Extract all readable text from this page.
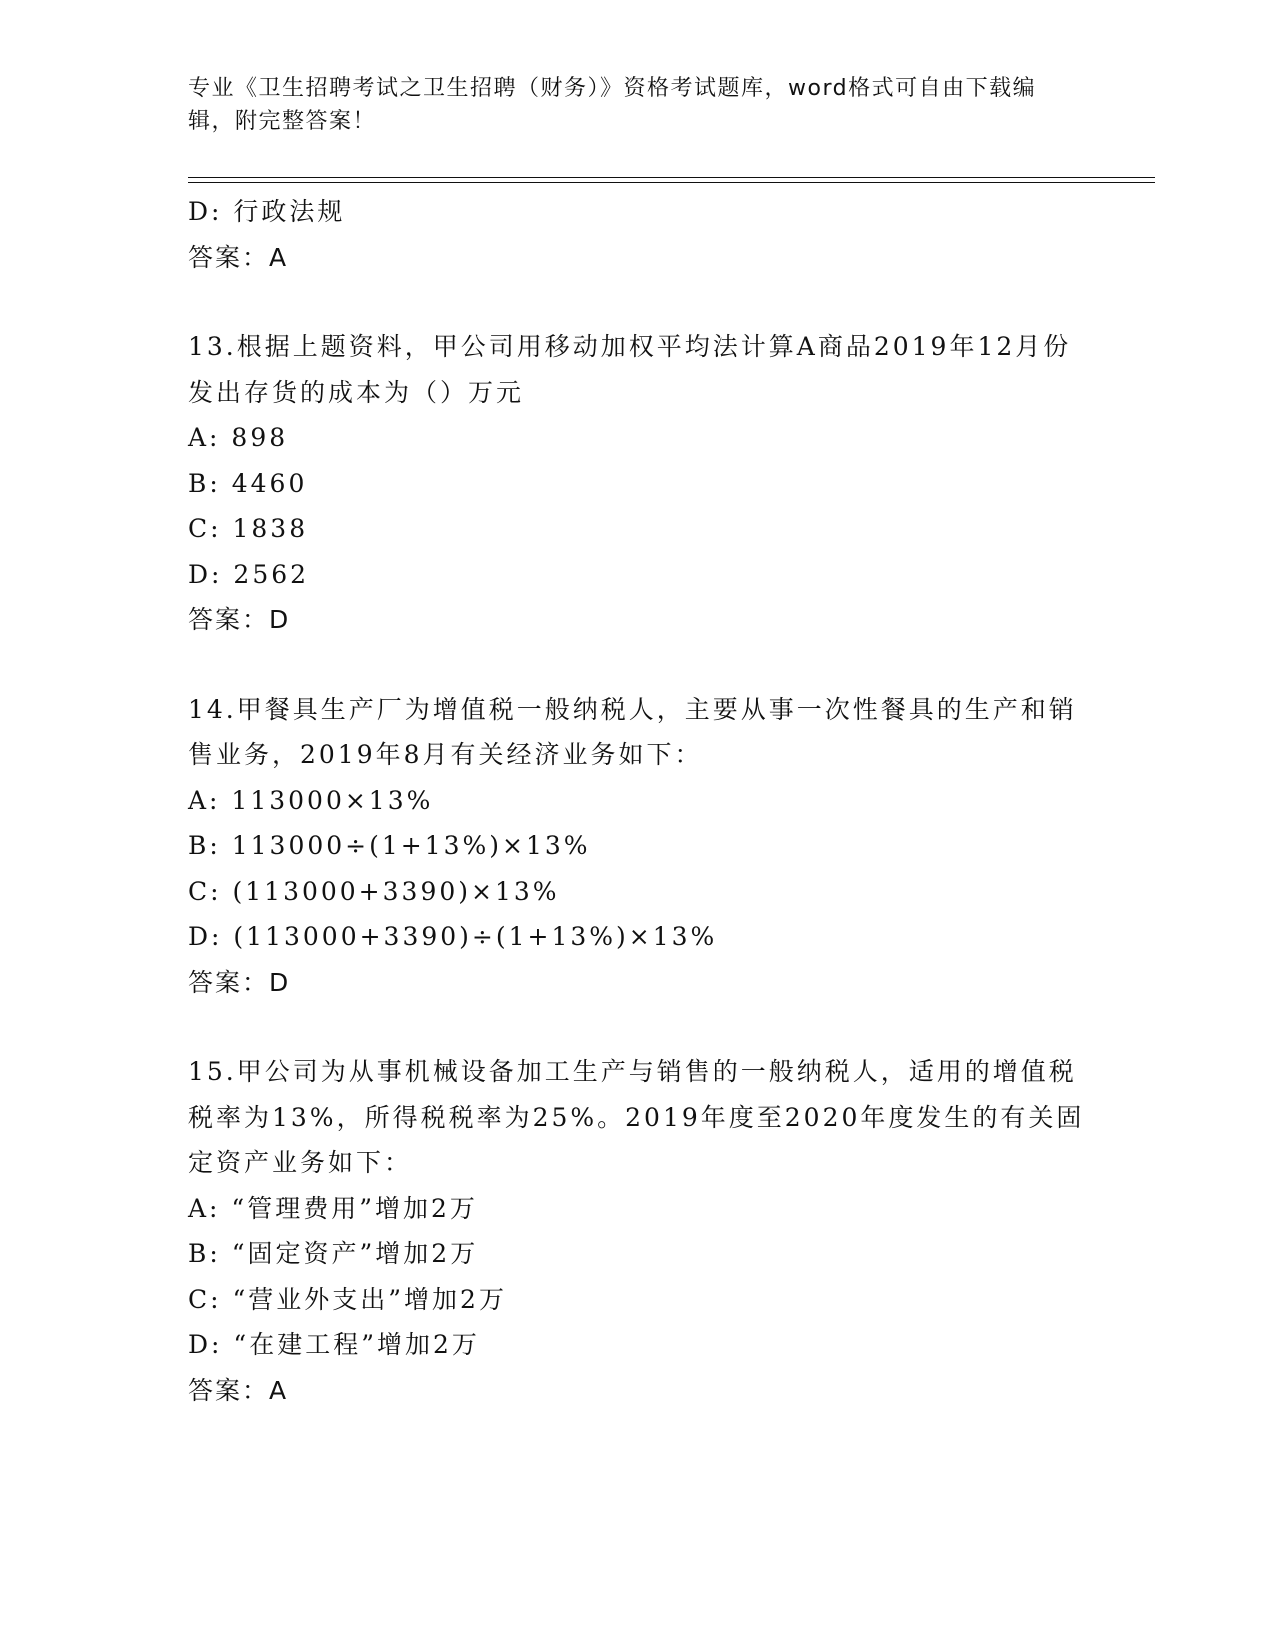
专业《卫生招聘考试之卫生招聘（财务）》资格考试题库，word格式可自由下载编辑，附完整答案！
D: 行政法规
答案：A
13.根据上题资料，甲公司用移动加权平均法计算A商品2019年12月份发出存货的成本为（）万元
A: 898
B: 4460
C: 1838
D: 2562
答案：D
14.甲餐具生产厂为增值税一般纳税人，主要从事一次性餐具的生产和销售业务，2019年8月有关经济业务如下：
A: 113000×13%
B: 113000÷(1+13%)×13%
C: (113000+3390)×13%
D: (113000+3390)÷(1+13%)×13%
答案：D
15.甲公司为从事机械设备加工生产与销售的一般纳税人，适用的增值税税率为13%，所得税税率为25%。2019年度至2020年度发生的有关固定资产业务如下：
A: “管理费用”增加2万
B: “固定资产”增加2万
C: “营业外支出”增加2万
D: “在建工程”增加2万
答案：A
